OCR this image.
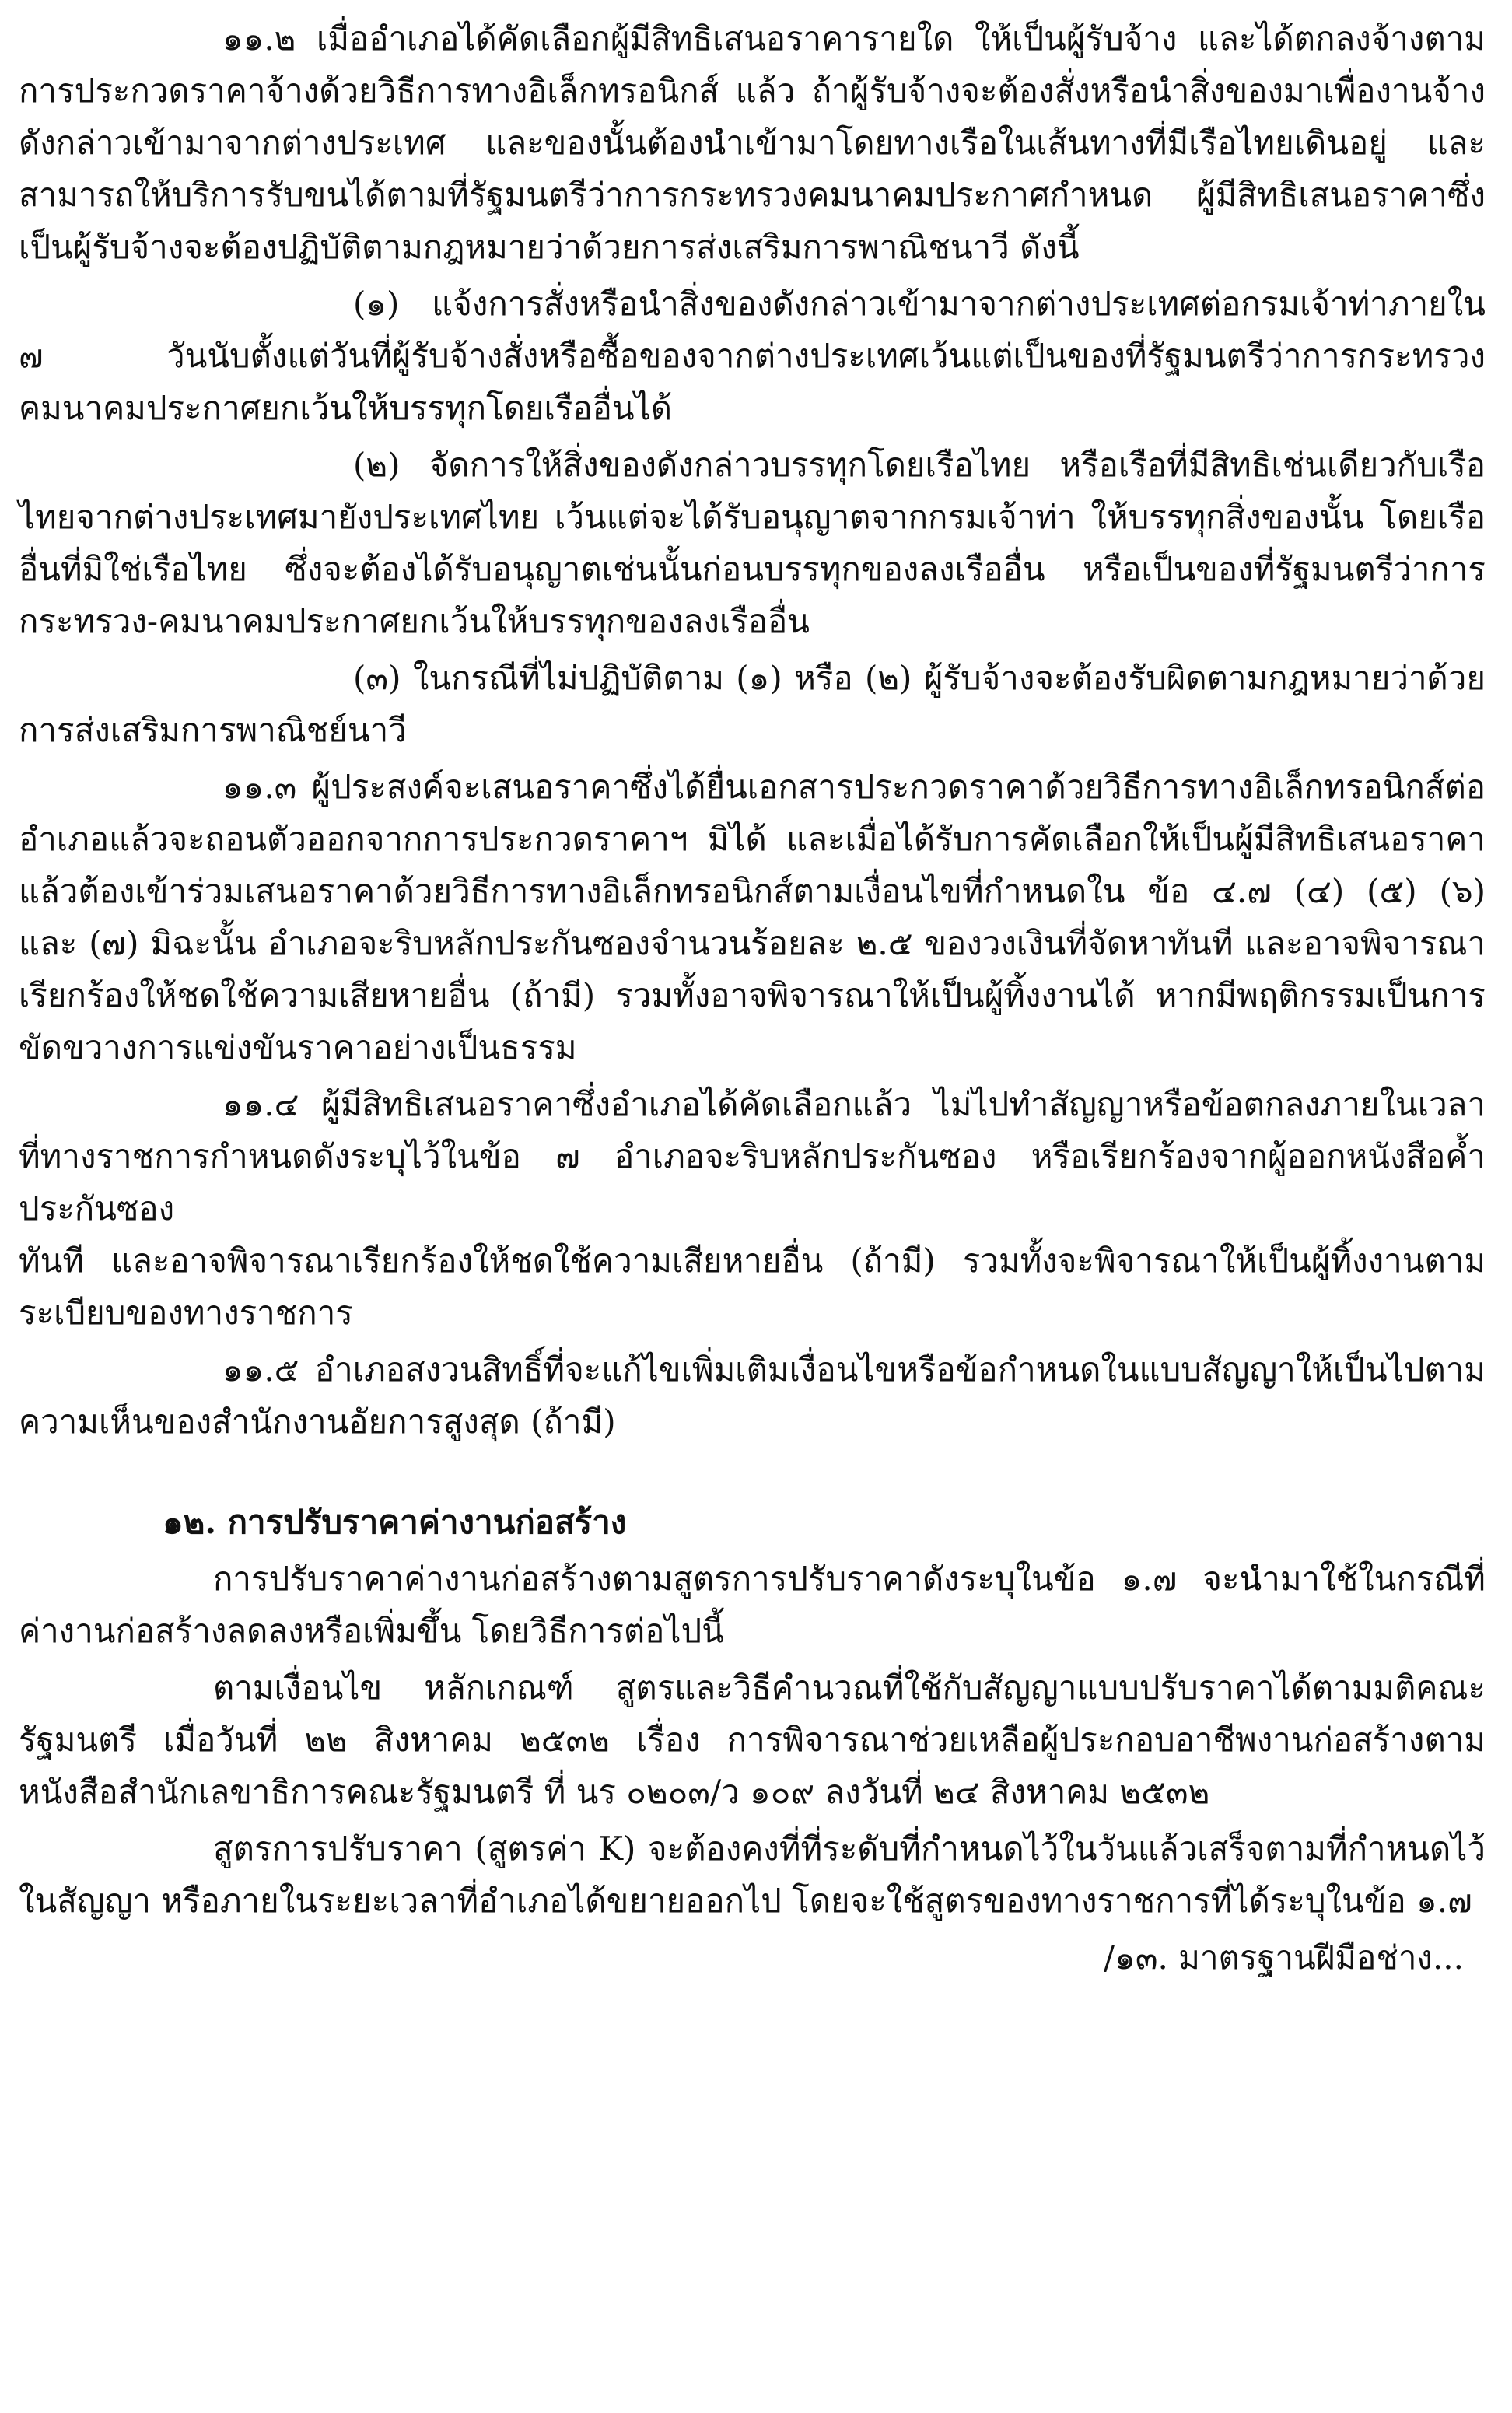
๑๑.๒ เมื่ออำเภอได้คัดเลือกผู้มีสิทธิเสนอราคารายใด ให้เป็นผู้รับจ้าง และได้ตกลงจ้างตามการประกวดราคาจ้างด้วยวิธีการทางอิเล็กทรอนิกส์ แล้ว ถ้าผู้รับจ้างจะต้องสั่งหรือนำสิ่งของมาเพื่องานจ้างดังกล่าวเข้ามาจากต่างประเทศ และของนั้นต้องนำเข้ามาโดยทางเรือในเส้นทางที่มีเรือไทยเดินอยู่ และสามารถให้บริการรับขนได้ตามที่รัฐมนตรีว่าการกระทรวงคมนาคมประกาศกำหนด ผู้มีสิทธิเสนอราคาซึ่งเป็นผู้รับจ้างจะต้องปฏิบัติตามกฎหมายว่าด้วยการส่งเสริมการพาณิชนาวี ดังนี้

(๑) แจ้งการสั่งหรือนำสิ่งของดังกล่าวเข้ามาจากต่างประเทศต่อกรมเจ้าท่าภายใน ๗ วันนับตั้งแต่วันที่ผู้รับจ้างสั่งหรือซื้อของจากต่างประเทศเว้นแต่เป็นของที่รัฐมนตรีว่าการกระทรวงคมนาคมประกาศยกเว้นให้บรรทุกโดยเรืออื่นได้

(๒) จัดการให้สิ่งของดังกล่าวบรรทุกโดยเรือไทย หรือเรือที่มีสิทธิเช่นเดียวกับเรือไทยจากต่างประเทศมายังประเทศไทย เว้นแต่จะได้รับอนุญาตจากกรมเจ้าท่า ให้บรรทุกสิ่งของนั้น โดยเรืออื่นที่มิใช่เรือไทย ซึ่งจะต้องได้รับอนุญาตเช่นนั้นก่อนบรรทุกของลงเรืออื่น หรือเป็นของที่รัฐมนตรีว่าการกระทรวง-คมนาคมประกาศยกเว้นให้บรรทุกของลงเรืออื่น

(๓) ในกรณีที่ไม่ปฏิบัติตาม (๑) หรือ (๒) ผู้รับจ้างจะต้องรับผิดตามกฎหมายว่าด้วยการส่งเสริมการพาณิชย์นาวี

๑๑.๓ ผู้ประสงค์จะเสนอราคาซึ่งได้ยื่นเอกสารประกวดราคาด้วยวิธีการทางอิเล็กทรอนิกส์ต่ออำเภอแล้วจะถอนตัวออกจากการประกวดราคาฯ มิได้ และเมื่อได้รับการคัดเลือกให้เป็นผู้มีสิทธิเสนอราคาแล้วต้องเข้าร่วมเสนอราคาด้วยวิธีการทางอิเล็กทรอนิกส์ตามเงื่อนไขที่กำหนดใน ข้อ ๔.๗ (๔) (๕) (๖) และ (๗) มิฉะนั้น อำเภอจะริบหลักประกันซองจำนวนร้อยละ ๒.๕ ของวงเงินที่จัดหาทันที และอาจพิจารณาเรียกร้องให้ชดใช้ความเสียหายอื่น (ถ้ามี) รวมทั้งอาจพิจารณาให้เป็นผู้ทิ้งงานได้ หากมีพฤติกรรมเป็นการขัดขวางการแข่งขันราคาอย่างเป็นธรรม

๑๑.๔ ผู้มีสิทธิเสนอราคาซึ่งอำเภอได้คัดเลือกแล้ว ไม่ไปทำสัญญาหรือข้อตกลงภายในเวลาที่ทางราชการกำหนดดังระบุไว้ในข้อ ๗ อำเภอจะริบหลักประกันซอง หรือเรียกร้องจากผู้ออกหนังสือค้ำประกันซอง

ทันที และอาจพิจารณาเรียกร้องให้ชดใช้ความเสียหายอื่น (ถ้ามี) รวมทั้งจะพิจารณาให้เป็นผู้ทิ้งงานตามระเบียบของทางราชการ

๑๑.๕ อำเภอสงวนสิทธิ์ที่จะแก้ไขเพิ่มเติมเงื่อนไขหรือข้อกำหนดในแบบสัญญาให้เป็นไปตามความเห็นของสำนักงานอัยการสูงสุด (ถ้ามี)

๑๒. การปรับราคาค่างานก่อสร้าง

การปรับราคาค่างานก่อสร้างตามสูตรการปรับราคาดังระบุในข้อ ๑.๗ จะนำมาใช้ในกรณีที่ค่างานก่อสร้างลดลงหรือเพิ่มขึ้น โดยวิธีการต่อไปนี้

ตามเงื่อนไข หลักเกณฑ์ สูตรและวิธีคำนวณที่ใช้กับสัญญาแบบปรับราคาได้ตามมติคณะรัฐมนตรี เมื่อวันที่ ๒๒ สิงหาคม ๒๕๓๒ เรื่อง การพิจารณาช่วยเหลือผู้ประกอบอาชีพงานก่อสร้างตามหนังสือสำนักเลขาธิการคณะรัฐมนตรี ที่ นร ๐๒๐๓/ว ๑๐๙ ลงวันที่ ๒๔ สิงหาคม ๒๕๓๒

สูตรการปรับราคา (สูตรค่า K) จะต้องคงที่ที่ระดับที่กำหนดไว้ในวันแล้วเสร็จตามที่กำหนดไว้ในสัญญา หรือภายในระยะเวลาที่อำเภอได้ขยายออกไป โดยจะใช้สูตรของทางราชการที่ได้ระบุในข้อ ๑.๗

/๑๓. มาตรฐานฝีมือช่าง...
